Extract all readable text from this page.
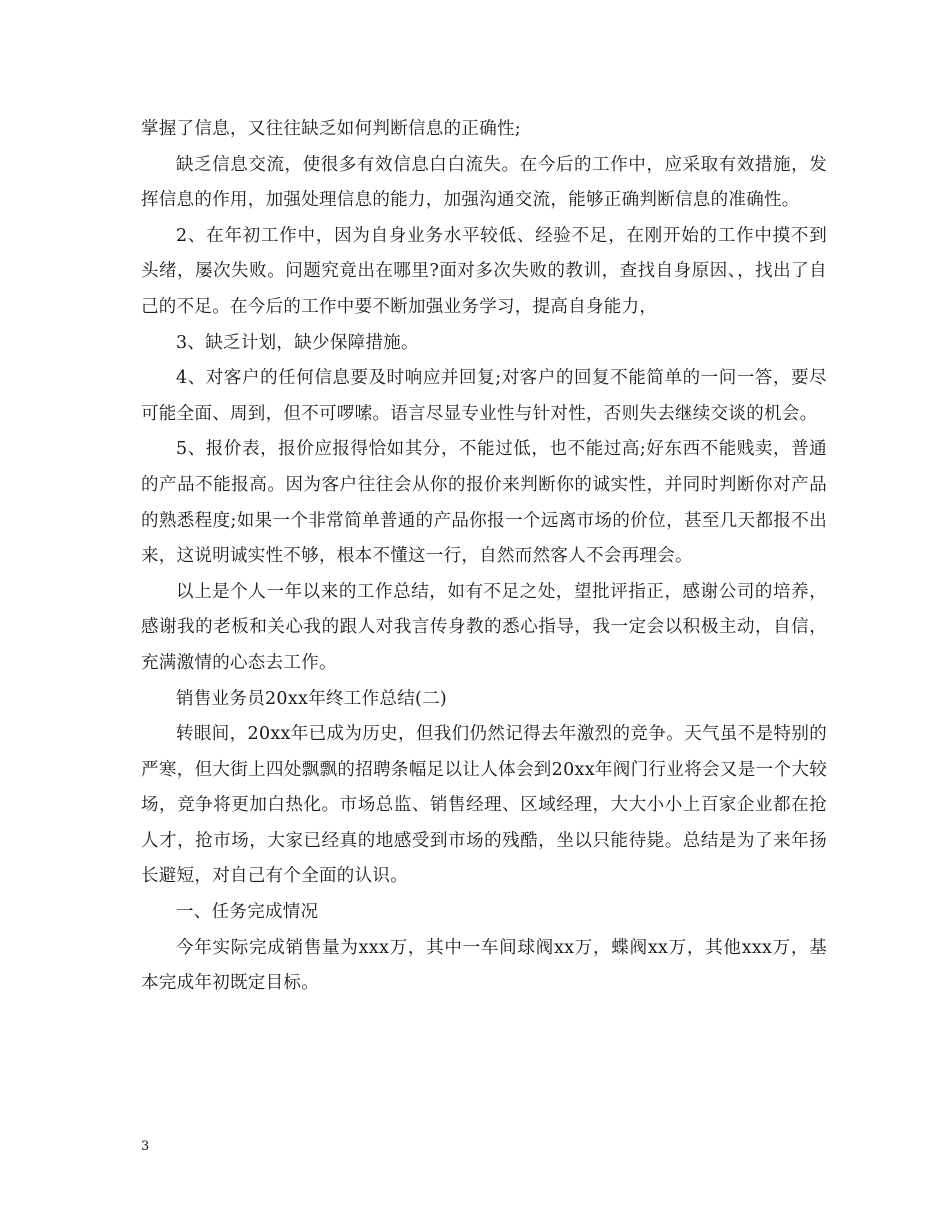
掌握了信息，又往往缺乏如何判断信息的正确性;

缺乏信息交流，使很多有效信息白白流失。在今后的工作中，应采取有效措施，发挥信息的作用，加强处理信息的能力，加强沟通交流，能够正确判断信息的准确性。

2、在年初工作中，因为自身业务水平较低、经验不足，在刚开始的工作中摸不到头绪，屡次失败。问题究竟出在哪里?面对多次失败的教训，查找自身原因、，找出了自己的不足。在今后的工作中要不断加强业务学习，提高自身能力，

3、缺乏计划，缺少保障措施。

4、对客户的任何信息要及时响应并回复;对客户的回复不能简单的一问一答，要尽可能全面、周到，但不可啰嗦。语言尽显专业性与针对性，否则失去继续交谈的机会。

5、报价表，报价应报得恰如其分，不能过低，也不能过高;好东西不能贱卖，普通的产品不能报高。因为客户往往会从你的报价来判断你的诚实性，并同时判断你对产品的熟悉程度;如果一个非常简单普通的产品你报一个远离市场的价位，甚至几天都报不出来，这说明诚实性不够，根本不懂这一行，自然而然客人不会再理会。

以上是个人一年以来的工作总结，如有不足之处，望批评指正，感谢公司的培养，感谢我的老板和关心我的跟人对我言传身教的悉心指导，我一定会以积极主动，自信，充满激情的心态去工作。

销售业务员20xx年终工作总结(二)

转眼间，20xx年已成为历史，但我们仍然记得去年激烈的竞争。天气虽不是特别的严寒，但大街上四处飘飘的招聘条幅足以让人体会到20xx年阀门行业将会又是一个大较场，竞争将更加白热化。市场总监、销售经理、区域经理，大大小小上百家企业都在抢人才，抢市场，大家已经真的地感受到市场的残酷，坐以只能待毙。总结是为了来年扬长避短，对自己有个全面的认识。

一、任务完成情况

今年实际完成销售量为xxx万，其中一车间球阀xx万，蝶阀xx万，其他xxx万，基本完成年初既定目标。

3
